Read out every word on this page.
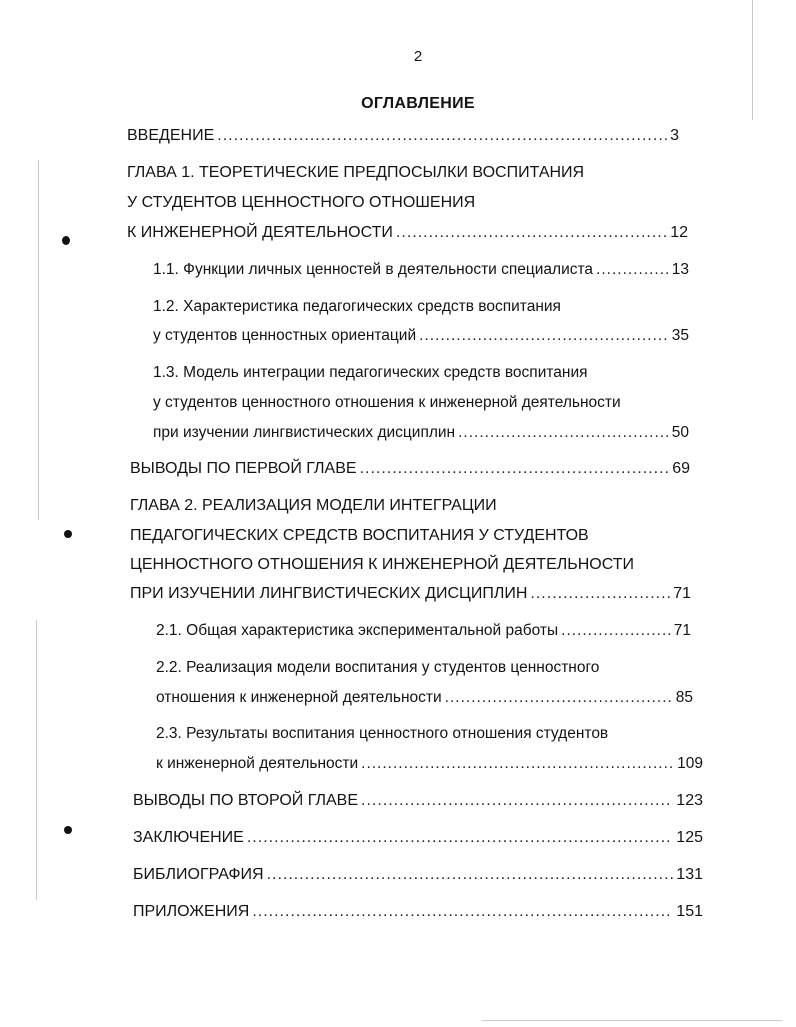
2
ОГЛАВЛЕНИЕ
ВВЕДЕНИЕ .....	3
ГЛАВА 1. ТЕОРЕТИЧЕСКИЕ ПРЕДПОСЫЛКИ ВОСПИТАНИЯ
У СТУДЕНТОВ ЦЕННОСТНОГО ОТНОШЕНИЯ
К ИНЖЕНЕРНОЙ ДЕЯТЕЛЬНОСТИ .....	12
1.1. Функции личных ценностей в деятельности специалиста .....	13
1.2. Характеристика педагогических средств воспитания
у студентов ценностных ориентаций .....	35
1.3. Модель интеграции педагогических средств воспитания
у студентов ценностного отношения к инженерной деятельности
при изучении лингвистических дисциплин .....	50
ВЫВОДЫ ПО ПЕРВОЙ ГЛАВЕ .....	69
ГЛАВА 2. РЕАЛИЗАЦИЯ МОДЕЛИ ИНТЕГРАЦИИ
ПЕДАГОГИЧЕСКИХ СРЕДСТВ ВОСПИТАНИЯ У СТУДЕНТОВ
ЦЕННОСТНОГО ОТНОШЕНИЯ К ИНЖЕНЕРНОЙ ДЕЯТЕЛЬНОСТИ
ПРИ ИЗУЧЕНИИ ЛИНГВИСТИЧЕСКИХ ДИСЦИПЛИН .....	71
2.1. Общая характеристика экспериментальной работы .....	71
2.2. Реализация модели воспитания у студентов ценностного
отношения к инженерной деятельности .....	85
2.3. Результаты воспитания ценностного отношения студентов
к инженерной деятельности .....	109
ВЫВОДЫ ПО ВТОРОЙ ГЛАВЕ .....	123
ЗАКЛЮЧЕНИЕ .....	125
БИБЛИОГРАФИЯ .....	131
ПРИЛОЖЕНИЯ .....	151
